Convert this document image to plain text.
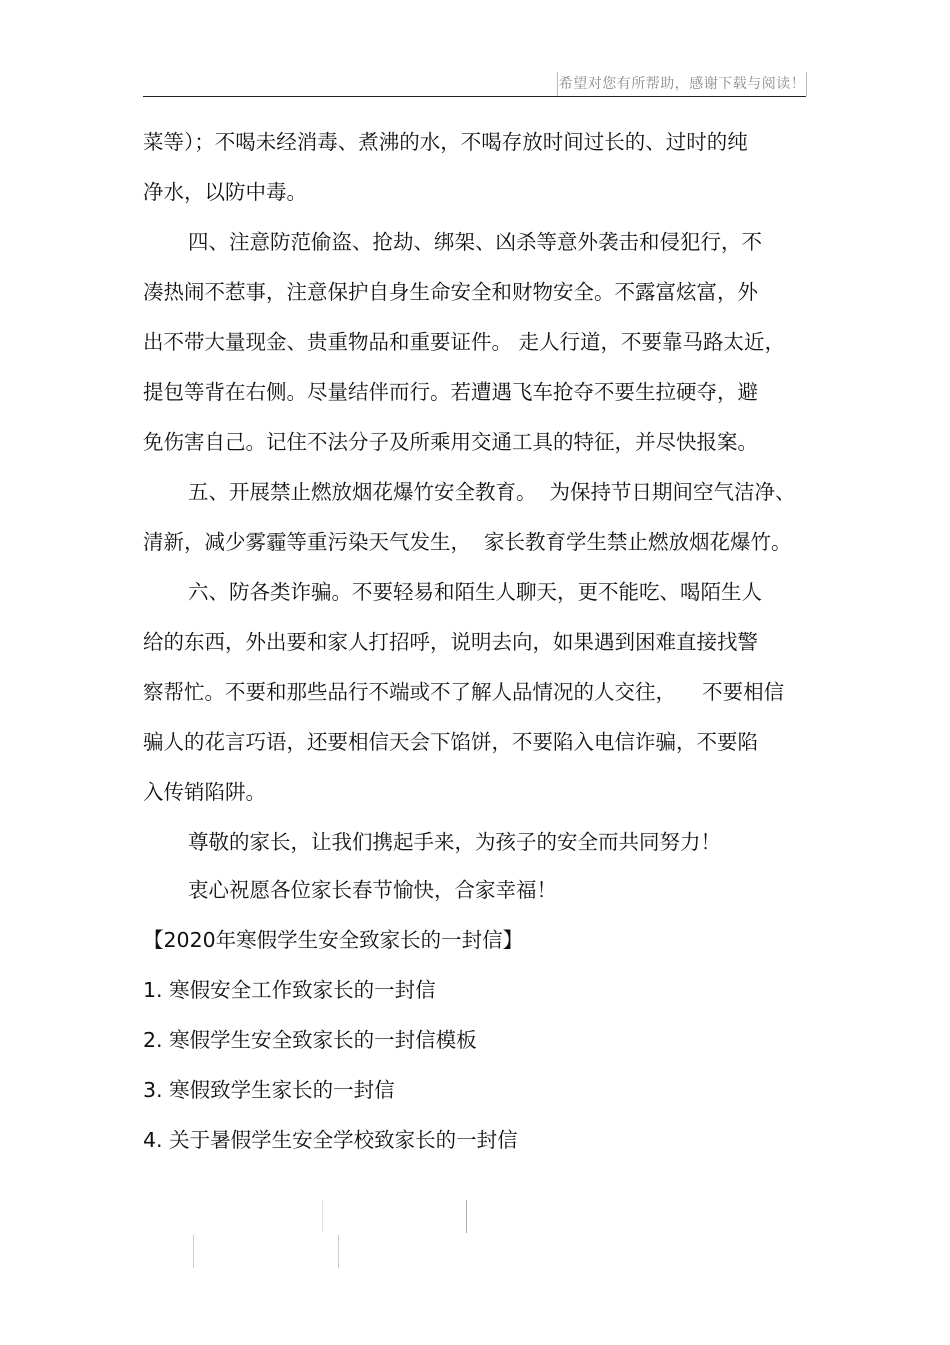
希望对您有所帮助，感谢下载与阅读！
菜等）；不喝未经消毒、煮沸的水，不喝存放时间过长的、过时的纯
净水，以防中毒。
四、注意防范偷盗、抢劫、绑架、凶杀等意外袭击和侵犯行，不
凑热闹不惹事，注意保护自身生命安全和财物安全。不露富炫富，外
出不带大量现金、贵重物品和重要证件。 走人行道，不要靠马路太近，
提包等背在右侧。尽量结伴而行。若遭遇飞车抢夺不要生拉硬夺，避
免伤害自己。记住不法分子及所乘用交通工具的特征，并尽快报案。
五、开展禁止燃放烟花爆竹安全教育。  为保持节日期间空气洁净、
清新，减少雾霾等重污染天气发生，  家长教育学生禁止燃放烟花爆竹。
六、防各类诈骗。不要轻易和陌生人聊天，更不能吃、喝陌生人
给的东西，外出要和家人打招呼，说明去向，如果遇到困难直接找警
察帮忙。不要和那些品行不端或不了解人品情况的人交往，    不要相信
骗人的花言巧语，还要相信天会下馅饼，不要陷入电信诈骗，不要陷
入传销陷阱。
尊敬的家长，让我们携起手来，为孩子的安全而共同努力！
衷心祝愿各位家长春节愉快，合家幸福！
【2020年寒假学生安全致家长的一封信】
1. 寒假安全工作致家长的一封信
2. 寒假学生安全致家长的一封信模板
3. 寒假致学生家长的一封信
4. 关于暑假学生安全学校致家长的一封信
